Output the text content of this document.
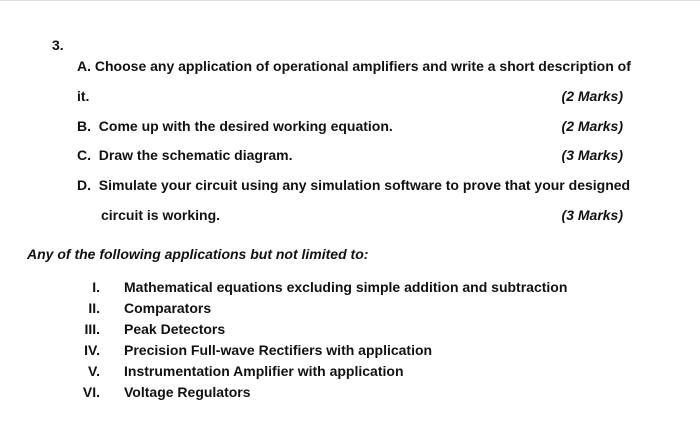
3.
A. Choose any application of operational amplifiers and write a short description of
it.	(2 Marks)
B. Come up with the desired working equation.	(2 Marks)
C. Draw the schematic diagram.	(3 Marks)
D. Simulate your circuit using any simulation software to prove that your designed
circuit is working.	(3 Marks)
Any of the following applications but not limited to:
I. Mathematical equations excluding simple addition and subtraction
II. Comparators
III. Peak Detectors
IV. Precision Full-wave Rectifiers with application
V. Instrumentation Amplifier with application
VI. Voltage Regulators
